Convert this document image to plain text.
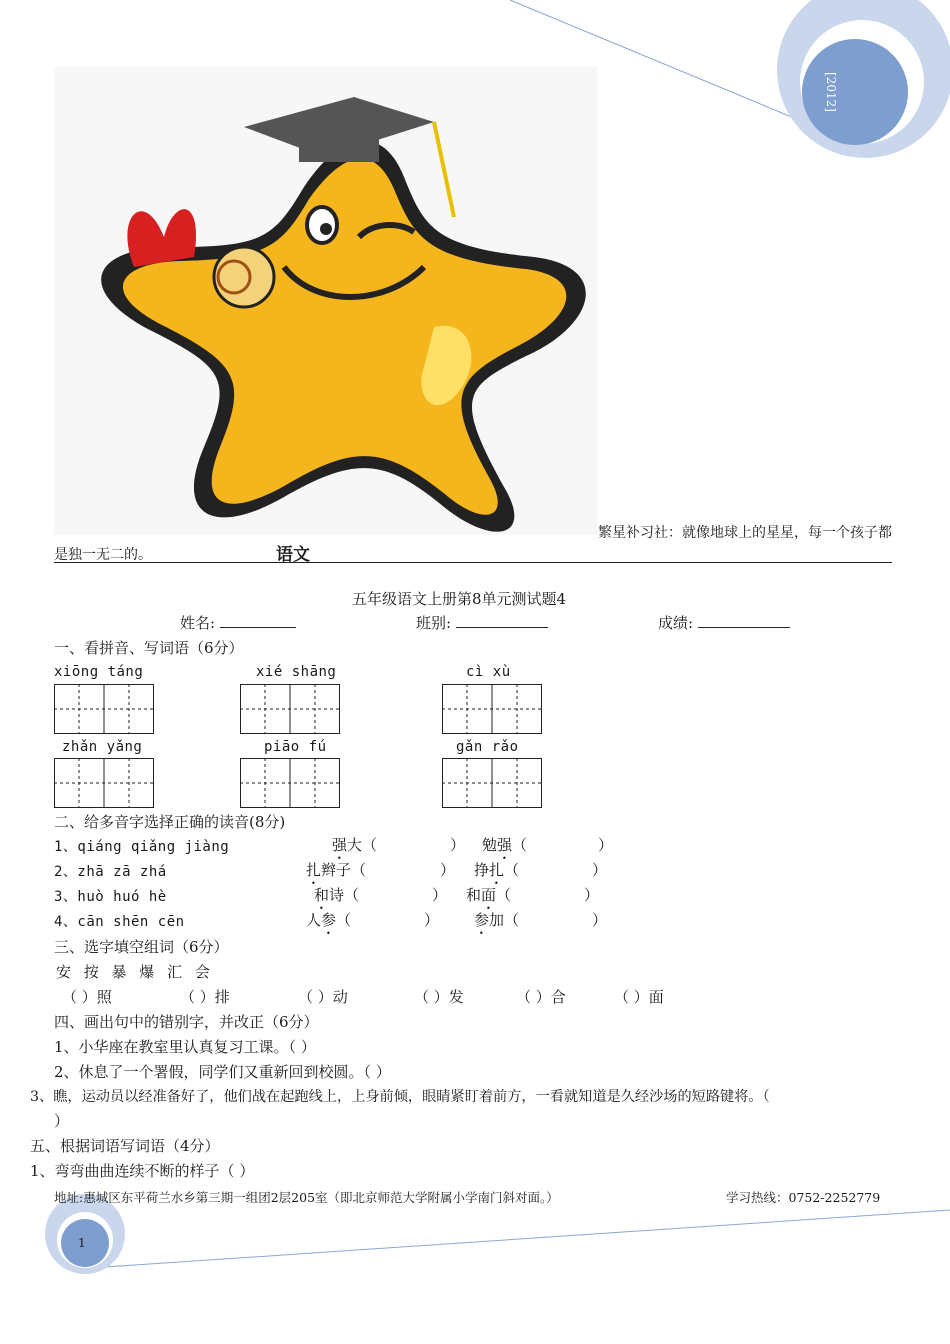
[2012]
1
繁星补习社：就像地球上的星星，每一个孩子都
是独一无二的。	语文
五年级语文上册第8单元测试题4
姓名:	班别:	成绩:
一、看拼音、写词语（6分）
xiōng táng	xié shāng	cì xù
zhǎn yǎng	piāo fú	gǎn rǎo
二、给多音字选择正确的读音(8分)
1、qiáng qiǎng jiàng	强大（	） 勉强（	）
2、zhā zā zhá	扎辫子（	） 挣扎（	）
3、huò huó hè	和诗（	） 和面（	）
4、cān shēn cēn	人参（	） 参加（	）
三、选字填空组词（6分）
安 按 暴 爆 汇 会
（ ）照	（ ）排	（ ）动	（ ）发	（ ）合	（ ）面
四、画出句中的错别字，并改正（6分）
1、小华座在教室里认真复习工课。（ ）
2、休息了一个署假，同学们又重新回到校圆。（ ）
3、瞧，运动员以经准备好了，他们战在起跑线上，上身前倾，眼睛紧盯着前方，一看就知道是久经沙场的短路键将。（
）
五、根据词语写词语（4分）
1、弯弯曲曲连续不断的样子（ ）
地址:惠城区东平荷兰水乡第三期一组团2层205室（即北京师范大学附属小学南门斜对面。）	学习热线：0752-2252779
